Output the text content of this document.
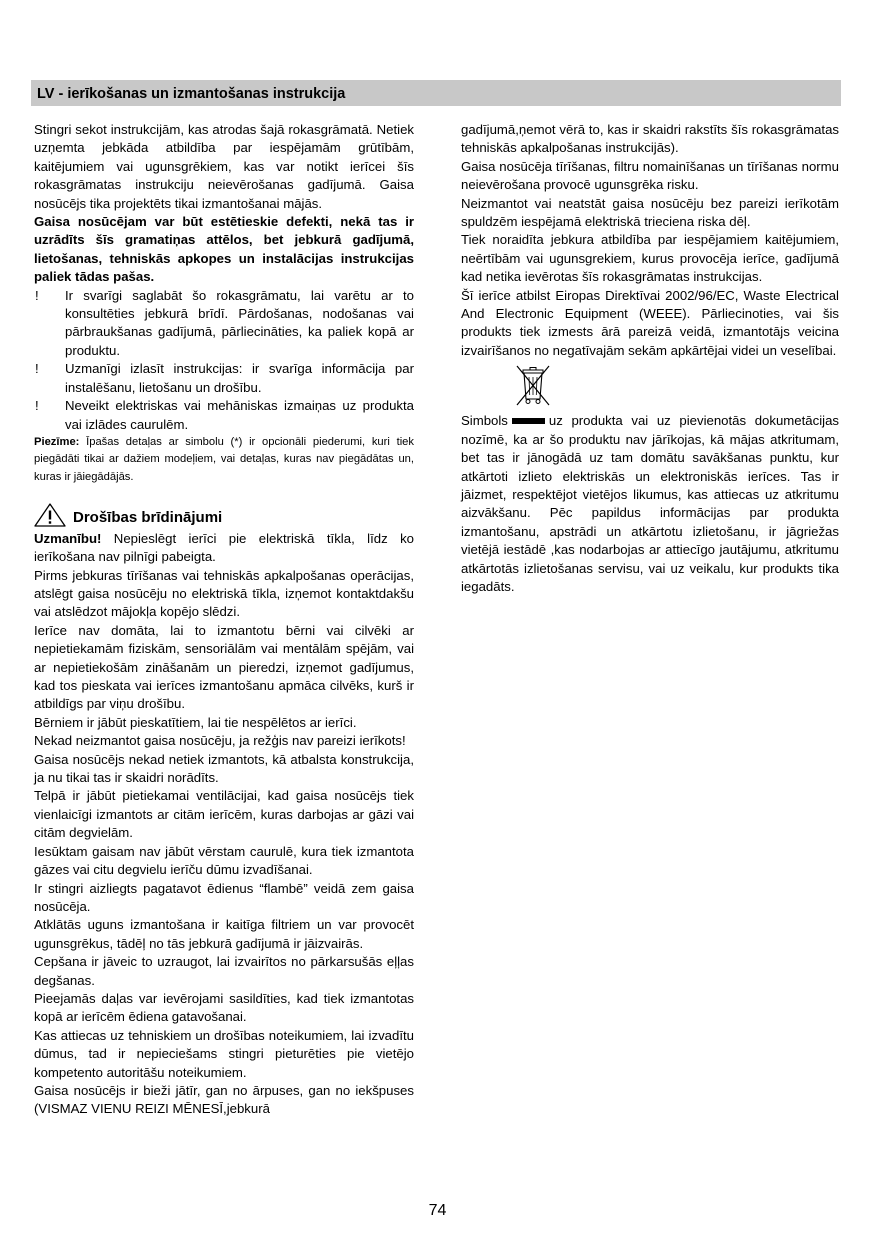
LV - ierīkošanas un izmantošanas instrukcija

Stingri sekot instrukcijām, kas atrodas šajā rokasgrāmatā. Netiek uzņemta jebkāda atbildība par iespējamām grūtībām, kaitējumiem vai ugunsgrēkiem, kas var notikt ierīcei šīs rokasgrāmatas instrukciju neievērošanas gadījumā. Gaisa nosūcējs tika projektēts tikai izmantošanai mājās.

Gaisa nosūcējam var būt estētieskie defekti, nekā tas ir uzrādīts šīs gramatiņas attēlos, bet jebkurā gadījumā, lietošanas, tehniskās apkopes un instalācijas instrukcijas paliek tādas pašas.

!	Ir svarīgi saglabāt šo rokasgrāmatu, lai varētu ar to konsultēties jebkurā brīdī. Pārdošanas, nodošanas vai pārbraukšanas gadījumā, pārliecināties, ka paliek kopā ar produktu.
!	Uzmanīgi izlasīt instrukcijas: ir svarīga informācija par instalēšanu, lietošanu un drošību.
!	Neveikt elektriskas vai mehāniskas izmaiņas uz produkta vai izlādes caurulēm.

Piezīme: Īpašas detaļas ar simbolu (*) ir opcionāli piederumi, kuri tiek piegādāti tikai ar dažiem modeļiem, vai detaļas, kuras nav piegādātas un, kuras ir jāiegādājās.

Drošības brīdinājumi

Uzmanību! Nepieslēgt ierīci pie elektriskā tīkla, līdz ko ierīkošana nav pilnīgi pabeigta.

Pirms jebkuras tīrīšanas vai tehniskās apkalpošanas operācijas, atslēgt gaisa nosūcēju no elektriskā tīkla, izņemot kontaktdakšu vai atslēdzot mājokļa kopējo slēdzi.

Ierīce nav domāta, lai to izmantotu bērni vai cilvēki ar nepietiekamām fiziskām, sensoriālām vai mentālām spējām, vai ar nepietiekošām zināšanām un pieredzi, izņemot gadījumus, kad tos pieskata vai ierīces izmantošanu apmāca cilvēks, kurš ir atbildīgs par viņu drošību.

Bērniem ir jābūt pieskatītiem, lai tie nespēlētos ar ierīci.

Nekad neizmantot gaisa nosūcēju, ja režģis nav pareizi ierīkots!

Gaisa nosūcējs nekad netiek izmantots, kā atbalsta konstrukcija, ja nu tikai tas ir skaidri norādīts.

Telpā ir jābūt pietiekamai ventilācijai, kad gaisa nosūcējs tiek vienlaicīgi izmantots ar citām ierīcēm, kuras darbojas ar gāzi vai citām degvielām.

Iesūktam gaisam nav jābūt vērstam caurulē, kura tiek izmantota gāzes vai citu degvielu ierīču dūmu izvadīšanai.

Ir stingri aizliegts pagatavot ēdienus “flambē” veidā zem gaisa nosūcēja.

Atklātās uguns izmantošana ir kaitīga filtriem un var provocēt ugunsgrēkus, tādēļ no tās jebkurā gadījumā ir jāizvairās.

Cepšana ir jāveic to uzraugot, lai izvairītos no pārkarsušās eļļas degšanas.

Pieejamās daļas var ievērojami sasildīties, kad tiek izmantotas kopā ar ierīcēm ēdiena gatavošanai.

Kas attiecas uz tehniskiem un drošības noteikumiem, lai izvadītu dūmus, tad ir nepieciešams stingri pieturēties pie vietējo kompetento autoritāšu noteikumiem.

Gaisa nosūcējs ir bieži jātīr, gan no ārpuses, gan no iekšpuses (VISMAZ VIENU REIZI MĒNESĪ,jebkurā

gadījumā,ņemot vērā to, kas ir skaidri rakstīts šīs rokasgrāmatas tehniskās apkalpošanas instrukcijās).

Gaisa nosūcēja tīrīšanas, filtru nomainīšanas un tīrīšanas normu neievērošana provocē ugunsgrēka risku.

Neizmantot vai neatstāt gaisa nosūcēju bez pareizi ierīkotām spuldzēm iespējamā elektriskā trieciena riska dēļ.

Tiek noraidīta jebkura atbildība par iespējamiem kaitējumiem, neērtībām vai ugunsgrekiem, kurus provocēja ierīce, gadījumā kad netika ievērotas šīs rokasgrāmatas instrukcijas.

Šī ierīce atbilst Eiropas Direktīvai 2002/96/EC, Waste Electrical And Electronic Equipment (WEEE). Pārliecinoties, vai šis produkts tiek izmests ārā pareizā veidā, izmantotājs veicina izvairīšanos no negatīvajām sekām apkārtējai videi un veselībai.

Simbols	uz produkta vai uz pievienotās dokumetācijas nozīmē, ka ar šo produktu nav jārīkojas, kā mājas atkritumam, bet tas ir jānogādā uz tam domātu savākšanas punktu, kur atkārtoti izlieto elektriskās un elektroniskās ierīces. Tas ir jāizmet, respektējot vietējos likumus, kas attiecas uz atkritumu aizvākšanu. Pēc papildus informācijas par produkta izmantošanu, apstrādi un atkārtotu izlietošanu, ir jāgriežas vietējā iestādē ,kas nodarbojas ar attiecīgo jautājumu, atkritumu atkārtotās izlietošanas servisu, vai uz veikalu, kur produkts tika iegadāts.

74
